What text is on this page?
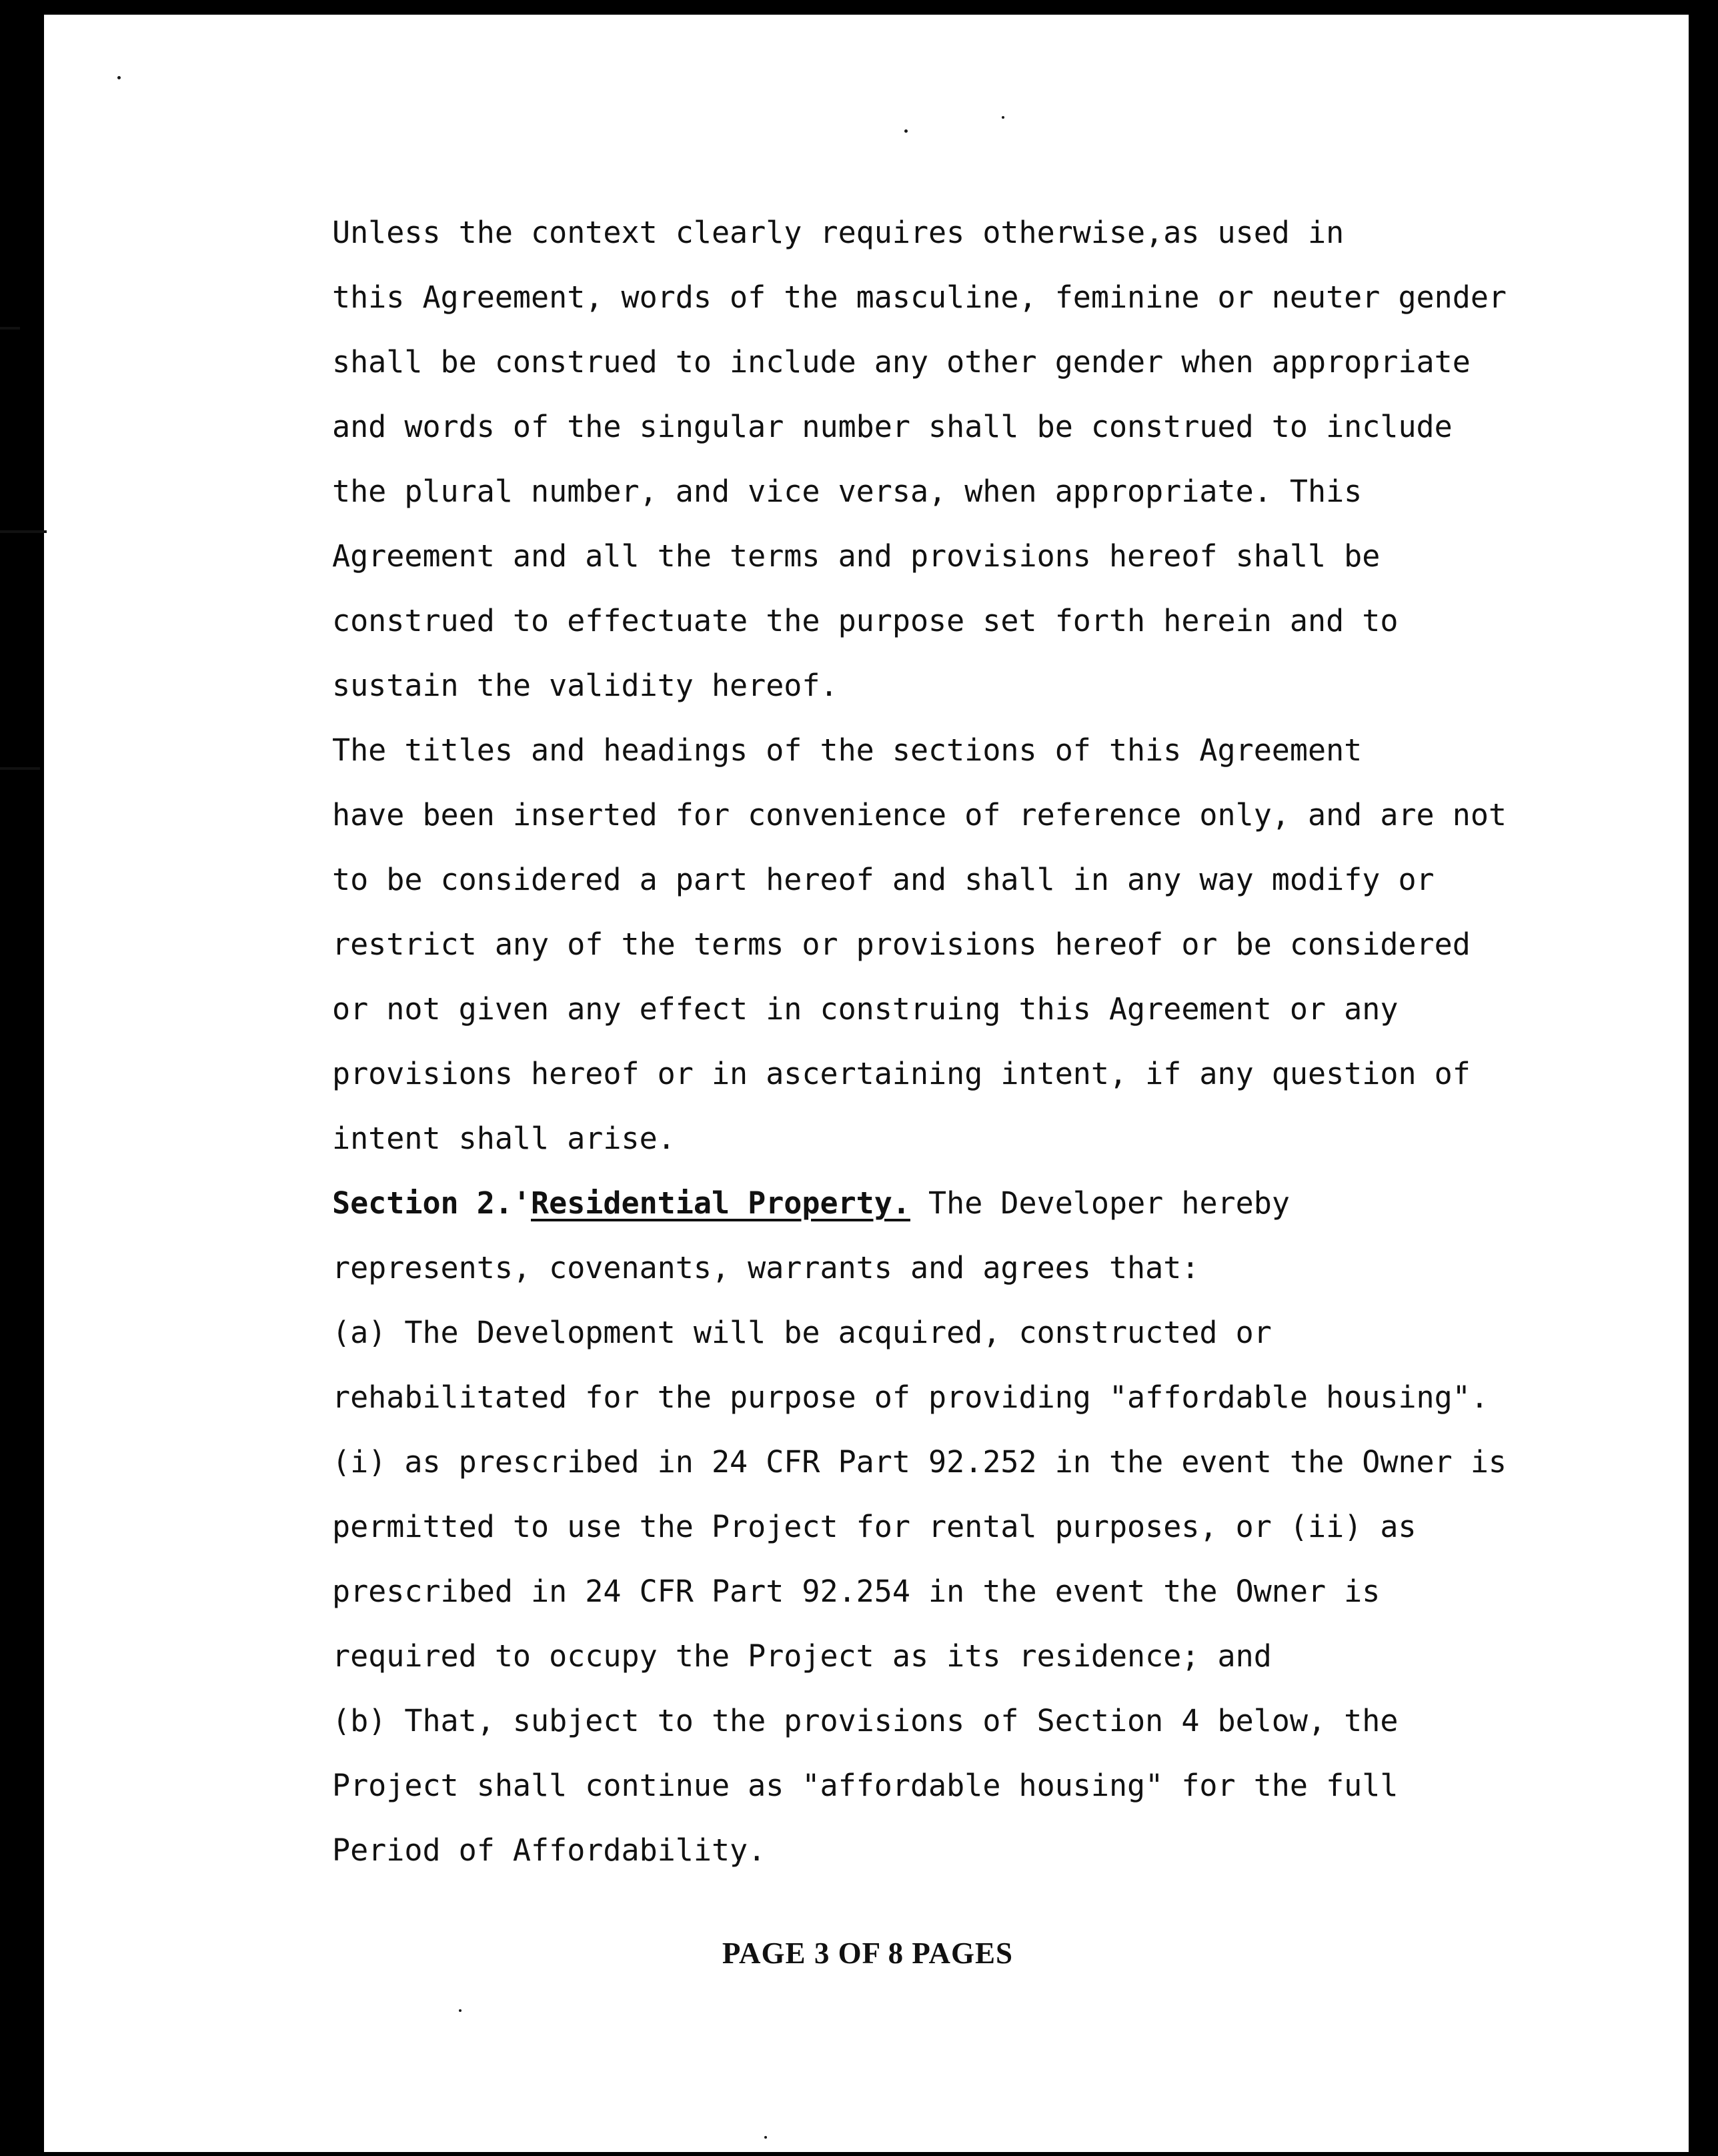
Unless the context clearly requires otherwise,as used in
this Agreement, words of the masculine, feminine or neuter gender
shall be construed to include any other gender when appropriate
and words of the singular number shall be construed to include
the plural number, and vice versa, when appropriate. This
Agreement and all the terms and provisions hereof shall be
construed to effectuate the purpose set forth herein and to
sustain the validity hereof.

The titles and headings of the sections of this Agreement
have been inserted for convenience of reference only, and are not
to be considered a part hereof and shall in any way modify or
restrict any of the terms or provisions hereof or be considered
or not given any effect in construing this Agreement or any
provisions hereof or in ascertaining intent, if any question of
intent shall arise.

Section 2.'Residential Property. The Developer hereby
represents, covenants, warrants and agrees that:

(a) The Development will be acquired, constructed or
rehabilitated for the purpose of providing "affordable housing".
(i) as prescribed in 24 CFR Part 92.252 in the event the Owner is
permitted to use the Project for rental purposes, or (ii) as
prescribed in 24 CFR Part 92.254 in the event the Owner is
required to occupy the Project as its residence; and

(b) That, subject to the provisions of Section 4 below, the
Project shall continue as "affordable housing" for the full
Period of Affordability.

PAGE 3 OF 8 PAGES
